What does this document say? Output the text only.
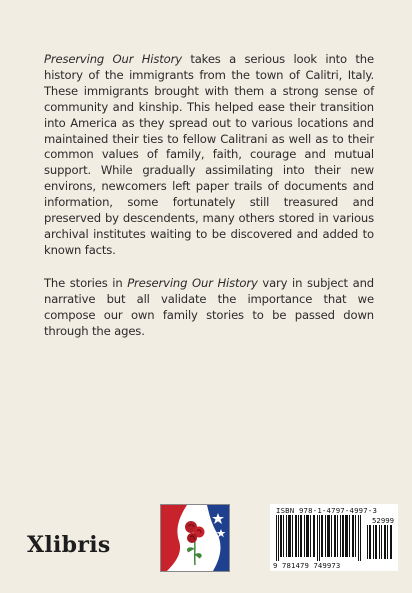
Preserving Our History takes a serious look into the history of the immigrants from the town of Calitri, Italy. These immigrants brought with them a strong sense of community and kinship. This helped ease their transition into America as they spread out to various locations and maintained their ties to fellow Calitrani as well as to their common values of family, faith, courage and mutual support. While gradually assimilating into their new environs, newcomers left paper trails of documents and information, some fortunately still treasured and preserved by descendents, many others stored in various archival institutes waiting to be discovered and added to known facts.

The stories in Preserving Our History vary in subject and narrative but all validate the importance that we compose our own family stories to be passed down through the ages.

Xlibris
ISBN 978-1-4797-4997-3
52999
9 781479 749973
